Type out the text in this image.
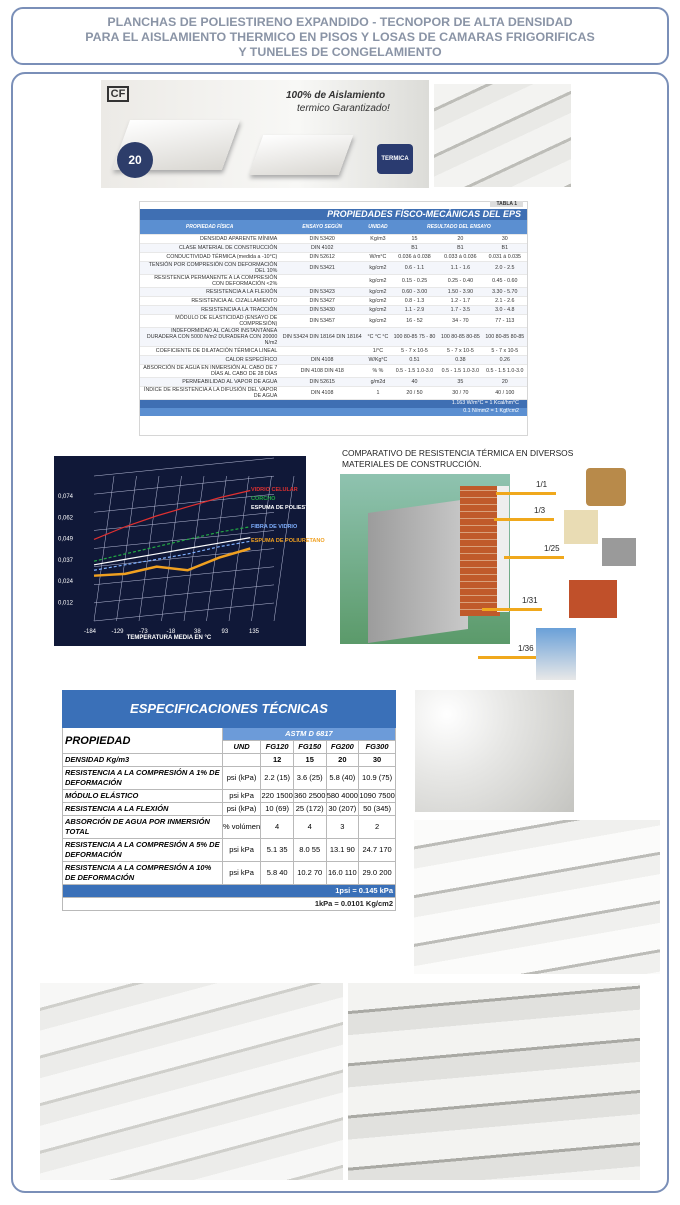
PLANCHAS DE POLIESTIRENO EXPANDIDO - TECNOPOR DE ALTA DENSIDAD
PARA EL AISLAMIENTO THERMICO EN PISOS Y LOSAS DE CAMARAS FRIGORIFICAS
Y TUNELES DE CONGELAMIENTO
CF
20
100% de Aislamiento
termico Garantizado!
TERMICA
TABLA 1
PROPIEDADES FÍSCO-MECÁNICAS DEL EPS
PROPIEDAD FÍSICA	ENSAYO SEGÚN	UNIDAD	RESULTADO DEL ENSAYO		
DENSIDAD APARENTE MÍNIMA	DIN 53420	Kg/m3	15	20	30
CLASE MATERIAL DE CONSTRUCCIÓN	DIN 4102		B1	B1	B1
CONDUCTIVIDAD TÉRMICA (medida a -10°C)	DIN 52612	W/m°C	0.036 á 0.038	0.033 á 0.036	0.031 á 0.035
TENSIÓN POR COMPRESIÓN CON DEFORMACIÓN DEL 10%	DIN 53421	kg/cm2	0.6 - 1.1	1.1 - 1.6	2.0 - 2.5
RESISTENCIA PERMANENTE A LA COMPRESIÓN CON DEFORMACIÓN <2%		kg/cm2	0.15 - 0.25	0.25 - 0.40	0.45 - 0.60
RESISTENCIA A LA FLEXIÓN	DIN 53423	kg/cm2	0.60 - 3.00	1.50 - 3.90	3.30 - 5.70
RESISTENCIA AL CIZALLAMIENTO	DIN 53427	kg/cm2	0.8 - 1.3	1.2 - 1.7	2.1 - 2.6
RESISTENCIA A LA TRACCIÓN	DIN 53430	kg/cm2	1.1 - 2.9	1.7 - 3.5	3.0 - 4.8
MÓDULO DE ELASTICIDAD (ENSAYO DE COMPRESIÓN)	DIN 53457	kg/cm2	16 - 52	34 - 70	77 - 113
INDEFORMIDAD AL CALOR INSTANTÁNEA DURADERA CON 5000 N/m2 DURADERA CON 20000 N/m2	DIN 53424 DIN 18164 DIN 18164	°C °C °C	100 80-85 75 - 80	100 80-85 80-85	100 80-85 80-85
COEFICIENTE DE DILATACIÓN TÉRMICA LINEAL		1/°C	5 - 7 x 10-5	5 - 7 x 10-5	5 - 7 x 10-5
CALOR ESPECÍFICO	DIN 4108	W/Kg°C	0.51	0.38	0.26
ABSORCIÓN DE AGUA EN INMERSIÓN AL CABO DE 7 DÍAS AL CABO DE 28 DÍAS	DIN 4108 DIN 418	% %	0.5 - 1.5 1.0-3.0	0.5 - 1.5 1.0-3.0	0.5 - 1.5 1.0-3.0
PERMEABILIDAD AL VAPOR DE AGUA	DIN 52615	g/m2d	40	35	20
ÍNDICE DE RESISTENCIA A LA DIFUSIÓN DEL VAPOR DE AGUA	DIN 4108	1	20 / 50	30 / 70	40 / 100
1.163 W/m°C = 1 Kcal/hm°C
0.1 N/mm2 = 1 Kgf/cm2
0,074
0,062
0,049
0,037
0,024
0,012
-184	-129	-73	-18	38	93	135
VIDRIO CELULAR
CORCHO
ESPUMA DE POLIESTIRENO
FIBRA DE VIDRIO
ESPUMA DE POLIURETANO
TEMPERATURA MEDIA EN °C
COMPARATIVO DE RESISTENCIA TÉRMICA EN DIVERSOS
MATERIALES DE CONSTRUCCIÓN.
1/1
1/3
1/25
1/31
1/36
ESPECIFICACIONES TÉCNICAS					
PROPIEDAD	ASTM D 6817				
	UND	FG120	FG150	FG200	FG300
DENSIDAD Kg/m3		12	15	20	30
RESISTENCIA A LA COMPRESIÓN A 1% DE DEFORMACIÓN	psi (kPa)	2.2 (15)	3.6 (25)	5.8 (40)	10.9 (75)
MÓDULO ELÁSTICO	psi kPa	220 1500	360 2500	580 4000	1090 7500
RESISTENCIA A LA FLEXIÓN	psi (kPa)	10 (69)	25 (172)	30 (207)	50 (345)
ABSORCIÓN DE AGUA POR INMERSIÓN TOTAL	% volúmen	4	4	3	2
RESISTENCIA A LA COMPRESIÓN A 5% DE DEFORMACIÓN	psi kPa	5.1 35	8.0 55	13.1 90	24.7 170
RESISTENCIA A LA COMPRESIÓN A 10% DE DEFORMACIÓN	psi kPa	5.8 40	10.2 70	16.0 110	29.0 200
1psi = 0.145 kPa					
1kPa = 0.0101 Kg/cm2					
